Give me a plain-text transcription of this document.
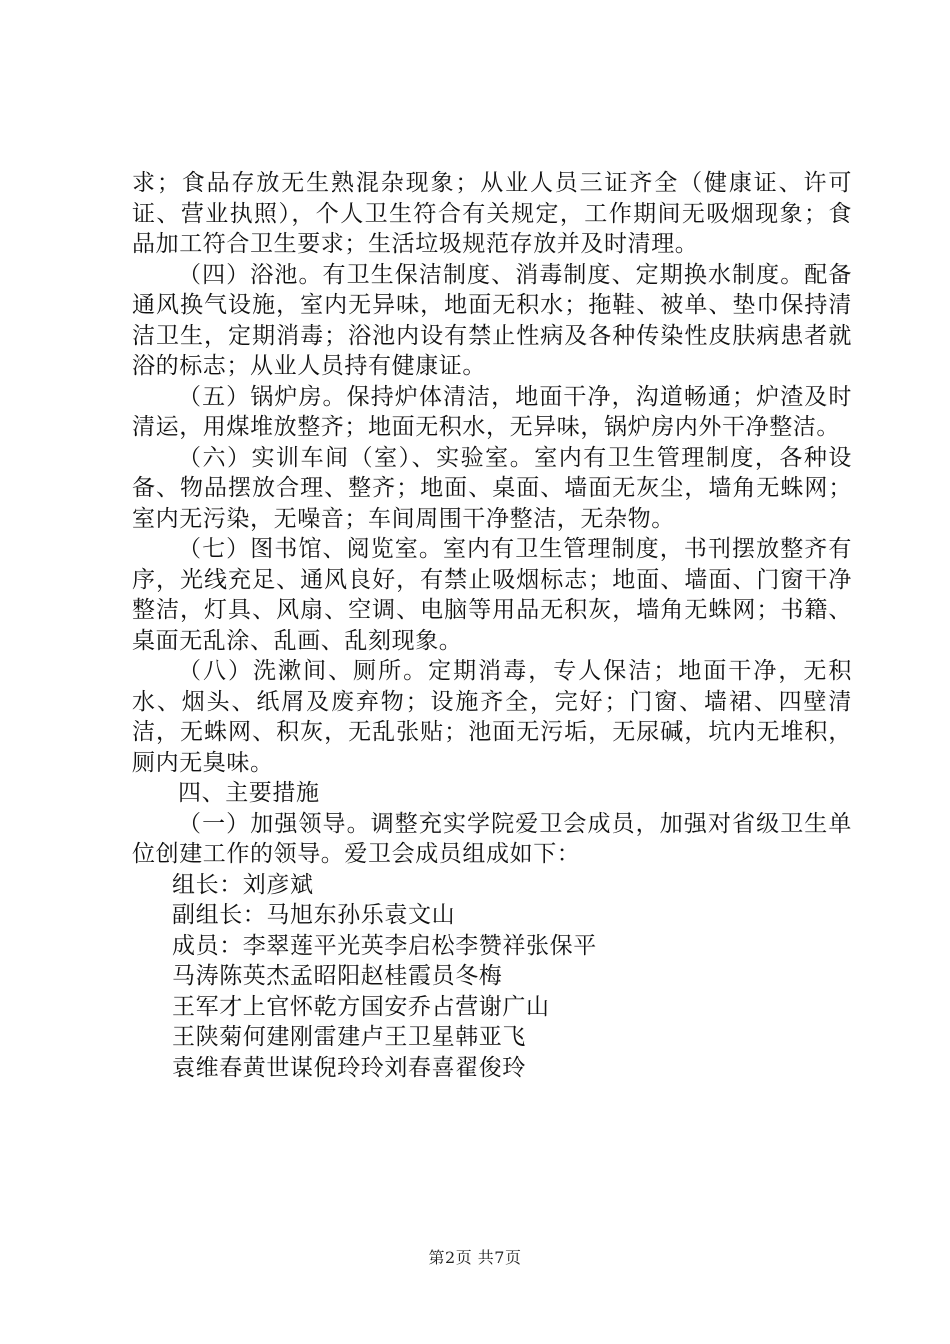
求；食品存放无生熟混杂现象；从业人员三证齐全（健康证、许可证、营业执照），个人卫生符合有关规定，工作期间无吸烟现象；食品加工符合卫生要求；生活垃圾规范存放并及时清理。

（四）浴池。有卫生保洁制度、消毒制度、定期换水制度。配备通风换气设施，室内无异味，地面无积水；拖鞋、被单、垫巾保持清洁卫生，定期消毒；浴池内设有禁止性病及各种传染性皮肤病患者就浴的标志；从业人员持有健康证。

（五）锅炉房。保持炉体清洁，地面干净，沟道畅通；炉渣及时清运，用煤堆放整齐；地面无积水，无异味，锅炉房内外干净整洁。

（六）实训车间（室）、实验室。室内有卫生管理制度，各种设备、物品摆放合理、整齐；地面、桌面、墙面无灰尘，墙角无蛛网；室内无污染，无噪音；车间周围干净整洁，无杂物。

（七）图书馆、阅览室。室内有卫生管理制度，书刊摆放整齐有序，光线充足、通风良好，有禁止吸烟标志；地面、墙面、门窗干净整洁，灯具、风扇、空调、电脑等用品无积灰，墙角无蛛网；书籍、桌面无乱涂、乱画、乱刻现象。

（八）洗漱间、厕所。定期消毒，专人保洁；地面干净，无积水、烟头、纸屑及废弃物；设施齐全，完好；门窗、墙裙、四壁清洁，无蛛网、积灰，无乱张贴；池面无污垢，无尿碱，坑内无堆积，厕内无臭味。

四、主要措施

（一）加强领导。调整充实学院爱卫会成员，加强对省级卫生单位创建工作的领导。爱卫会成员组成如下：

组长：刘彦斌

副组长：马旭东孙乐袁文山

成员：李翠莲平光英李启松李赞祥张保平

马涛陈英杰孟昭阳赵桂霞员冬梅

王军才上官怀乾方国安乔占营谢广山

王陕菊何建刚雷建卢王卫星韩亚飞

袁维春黄世谋倪玲玲刘春喜翟俊玲

第2页 共7页
